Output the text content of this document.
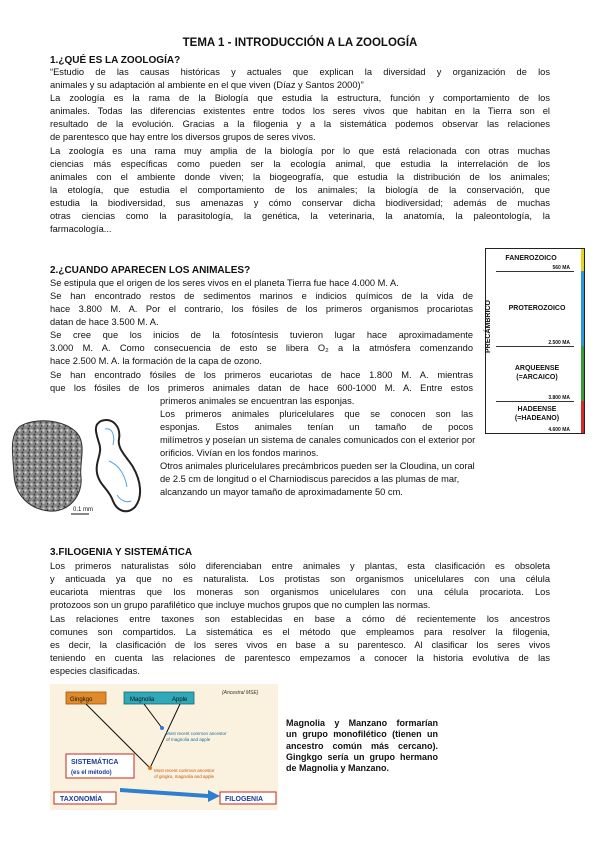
TEMA 1 - INTRODUCCIÓN A LA ZOOLOGÍA
1.¿QUÉ ES LA ZOOLOGÍA?

“Estudio de las causas históricas y actuales que explican la diversidad y organización de los

animales y su adaptación al ambiente en el que viven (Díaz y Santos 2000)”

La zoología es la rama de la Biología que estudia la estructura, función y comportamiento de los

animales. Todas las diferencias existentes entre todos los seres vivos que habitan en la Tierra son el

resultado de la evolución. Gracias a la filogenia y a la sistemática podemos observar las relaciones

de parentesco que hay entre los diversos grupos de seres vivos.

La zoología es una rama muy amplia de la biología por lo que está relacionada con otras muchas

ciencias más específicas como pueden ser la ecología animal, que estudia la interrelación de los

animales con el ambiente donde viven; la biogeografía, que estudia la distribución de los animales;

la etología, que estudia el comportamiento de los animales; la biología de la conservación, que

estudia la biodiversidad, sus amenazas y cómo conservar dicha biodiversidad; además de muchas

otras ciencias como la parasitología, la genética, la veterinaria, la anatomía, la paleontología, la

farmacología...

2.¿CUANDO APARECEN LOS ANIMALES?

Se estipula que el origen de los seres vivos en el planeta Tierra fue hace 4.000 M. A.

Se han encontrado restos de sedimentos marinos e indicios químicos de la vida de

hace 3.800 M. A. Por el contrario, los fósiles de los primeros organismos procariotas

datan de hace 3.500 M. A.

Se cree que los inicios de la fotosíntesis tuvieron lugar hace aproximadamente

3.000 M. A. Como consecuencia de esto se libera O₂ a la atmósfera comenzando

hace 2.500 M. A. la formación de la capa de ozono.

Se han encontrado fósiles de los primeros eucariotas de hace 1.800 M. A. mientras

que los fósiles de los primeros animales datan de hace 600-1000 M. A. Entre estos

primeros animales se encuentran las esponjas.

Los primeros animales pluricelulares que se conocen son las

esponjas. Estos animales tenían un tamaño de pocos

milímetros y poseían un sistema de canales comunicados con el exterior por

orificios. Vivían en los fondos marinos.

Otros animales pluricelulares precámbricos pueden ser la Cloudina, un coral

de 2.5 cm de longitud o el Charniodiscus parecidos a las plumas de mar,

alcanzando un mayor tamaño de aproximadamente 50 cm.

FANEROZOICO
560 MA
PROTEROZOICO
2.500 MA
ARQUEENSE
(=ARCAICO)
3.800 MA
HADEENSE
(=HADEANO)
4.600 MA
PRECÁMBRICO
0.1 mm
3.FILOGENIA Y SISTEMÁTICA

Los primeros naturalistas sólo diferenciaban entre animales y plantas, esta clasificación es obsoleta

y anticuada ya que no es naturalista. Los protistas son organismos unicelulares con una célula

eucariota mientras que los moneras son organismos unicelulares con una célula procariota. Los

protozoos son un grupo parafilético que incluye muchos grupos que no cumplen las normas.

Las relaciones entre taxones son establecidas en base a cómo dé recientemente los ancestros

comunes son compartidos. La sistemática es el método que empleamos para resolver la filogenia,

es decir, la clasificación de los seres vivos en base a su parentesco. Al clasificar los seres vivos

teniendo en cuenta las relaciones de parentesco empezamos a conocer la historia evolutiva de las

especies clasificadas.

(Ancestral MSE)
Gingkgo	Magnolia	Apple
Most recent common ancestor
of magnolia and apple
Most recent common ancestor
of gingko, magnolia and apple
SISTEMÁTICA
(es el método)
TAXONOMÍA	FILOGENIA
Magnolia y Manzano formarían
un grupo monofilético (tienen un
ancestro común más cercano).
Gingkgo sería un grupo hermano
de Magnolia y Manzano.
